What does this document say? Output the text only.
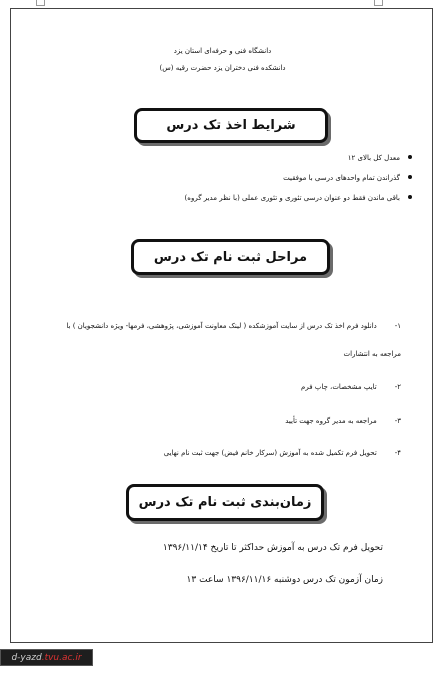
دانشگاه فنی و حرفه‌ای استان یزد
دانشکده فنی دختران یزد حضرت رقیه (س)
شرایط اخذ تک درس
معدل کل بالای ۱۲
گذراندن تمام واحدهای درسی با موفقیت
باقی ماندن فقط دو عنوان درسی تئوری و تئوری عملی (با نظر مدیر گروه)
مراحل ثبت نام تک درس
۱- دانلود فرم اخذ تک درس از سایت آموزشکده ( لینک معاونت آموزشی، پژوهشی، فرمها- ویژه دانشجویان ) با
مراجعه به انتشارات
۲- تایپ مشخصات، چاپ فرم
۳- مراجعه به مدیر گروه جهت تأیید
۴- تحویل فرم تکمیل شده به آموزش (سرکار خانم فیض) جهت ثبت نام نهایی
زمان‌بندی ثبت نام تک درس
تحویل فرم تک درس به آموزش حداکثر تا تاریخ ۱۳۹۶/۱۱/۱۴
زمان آزمون تک درس دوشنبه ۱۳۹۶/۱۱/۱۶ ساعت ۱۳
d-yazd .tvu.ac.ir
